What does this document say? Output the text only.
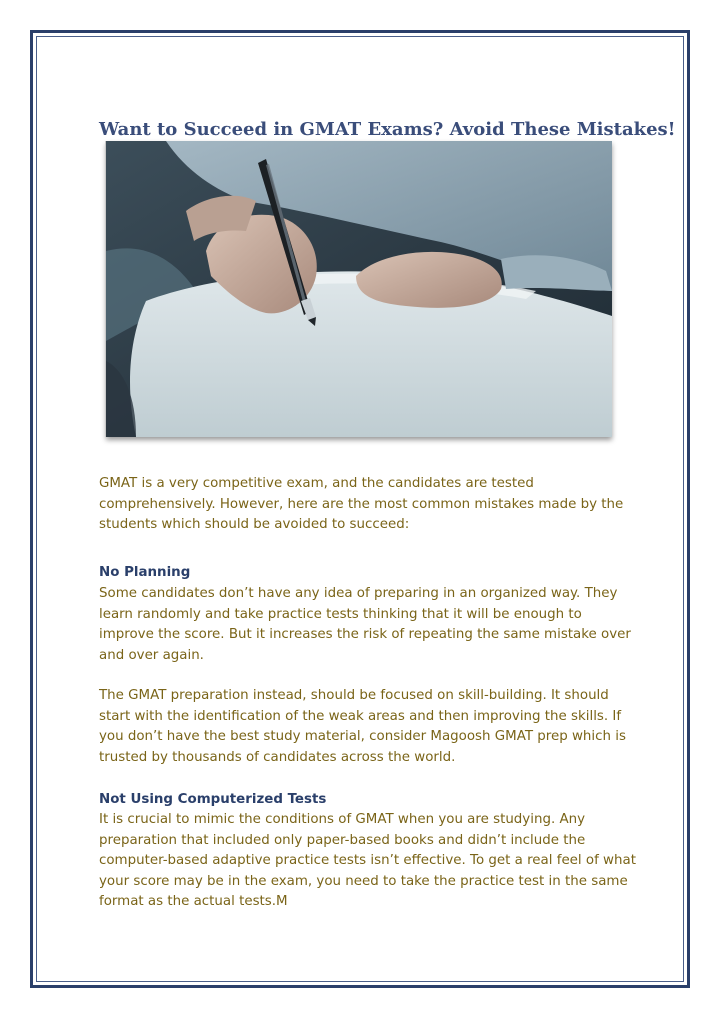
Want to Succeed in GMAT Exams? Avoid These Mistakes!

GMAT is a very competitive exam, and the candidates are tested comprehensively. However, here are the most common mistakes made by the students which should be avoided to succeed:

No Planning

Some candidates don’t have any idea of preparing in an organized way. They learn randomly and take practice tests thinking that it will be enough to improve the score. But it increases the risk of repeating the same mistake over and over again.

The GMAT preparation instead, should be focused on skill-building. It should start with the identification of the weak areas and then improving the skills. If you don’t have the best study material, consider Magoosh GMAT prep which is trusted by thousands of candidates across the world.

Not Using Computerized Tests

It is crucial to mimic the conditions of GMAT when you are studying. Any preparation that included only paper-based books and didn’t include the computer-based adaptive practice tests isn’t effective. To get a real feel of what your score may be in the exam, you need to take the practice test in the same format as the actual tests.M
